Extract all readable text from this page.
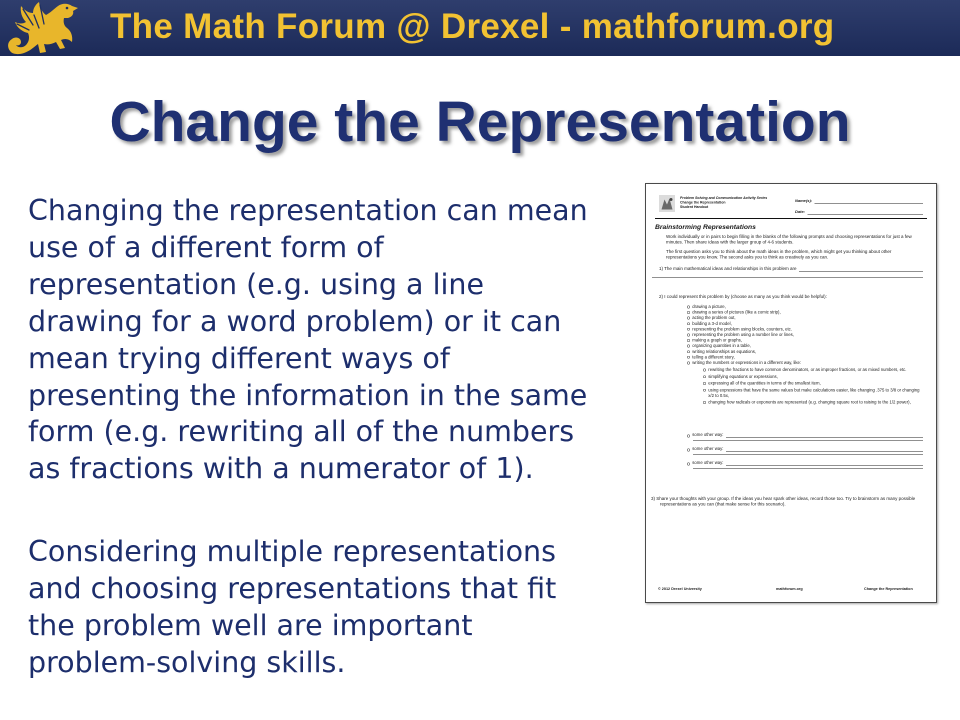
The Math Forum @ Drexel - mathforum.org
Change the Representation
Changing the representation can mean
use of a different form of
representation (e.g. using a line
drawing for a word problem) or it can
mean trying different ways of
presenting the information in the same
form (e.g. rewriting all of the numbers
as fractions with a numerator of 1).
Considering multiple representations
and choosing representations that fit
the problem well are important
problem-solving skills.
Problem Solving and Communication Activity Series
Change the Representation
Student Handout
Name(s):
Date:
Brainstorming Representations
Work individually or in pairs to begin filling in the blanks of the following prompts and choosing representations for just a few minutes. Then share ideas with the larger group of 4-6 students.
The first question asks you to think about the math ideas in the problem, which might get you thinking about other representations you know. The second asks you to think as creatively as you can.
1) The main mathematical ideas and relationships in this problem are
2) I could represent this problem by (choose as many as you think would be helpful):
drawing a picture,
drawing a series of pictures (like a comic strip),
acting the problem out,
building a 3-d model,
representing the problem using blocks, counters, etc.
representing the problem using a number line or lines,
making a graph or graphs,
organizing quantities in a table,
writing relationships as equations,
telling a different story,
writing the numbers or expressions in a different way, like:
rewriting the fractions to have common denominators, or as improper fractions, or as mixed numbers, etc.
simplifying equations or expressions,
expressing all of the quantities in terms of the smallest item,
using expressions that have the same values but make calculations easier, like changing .375 to 3/8 or changing x/2 to 0.5x,
changing how radicals or exponents are represented (e.g. changing square root to raising to the 1/2 power),
some other way:
some other way:
some other way:
3) Share your thoughts with your group. If the ideas you hear spark other ideas, record those too. Try to brainstorm as many possible representations as you can (that make sense for this scenario).
© 2012 Drexel University	mathforum.org	Change the Representation
